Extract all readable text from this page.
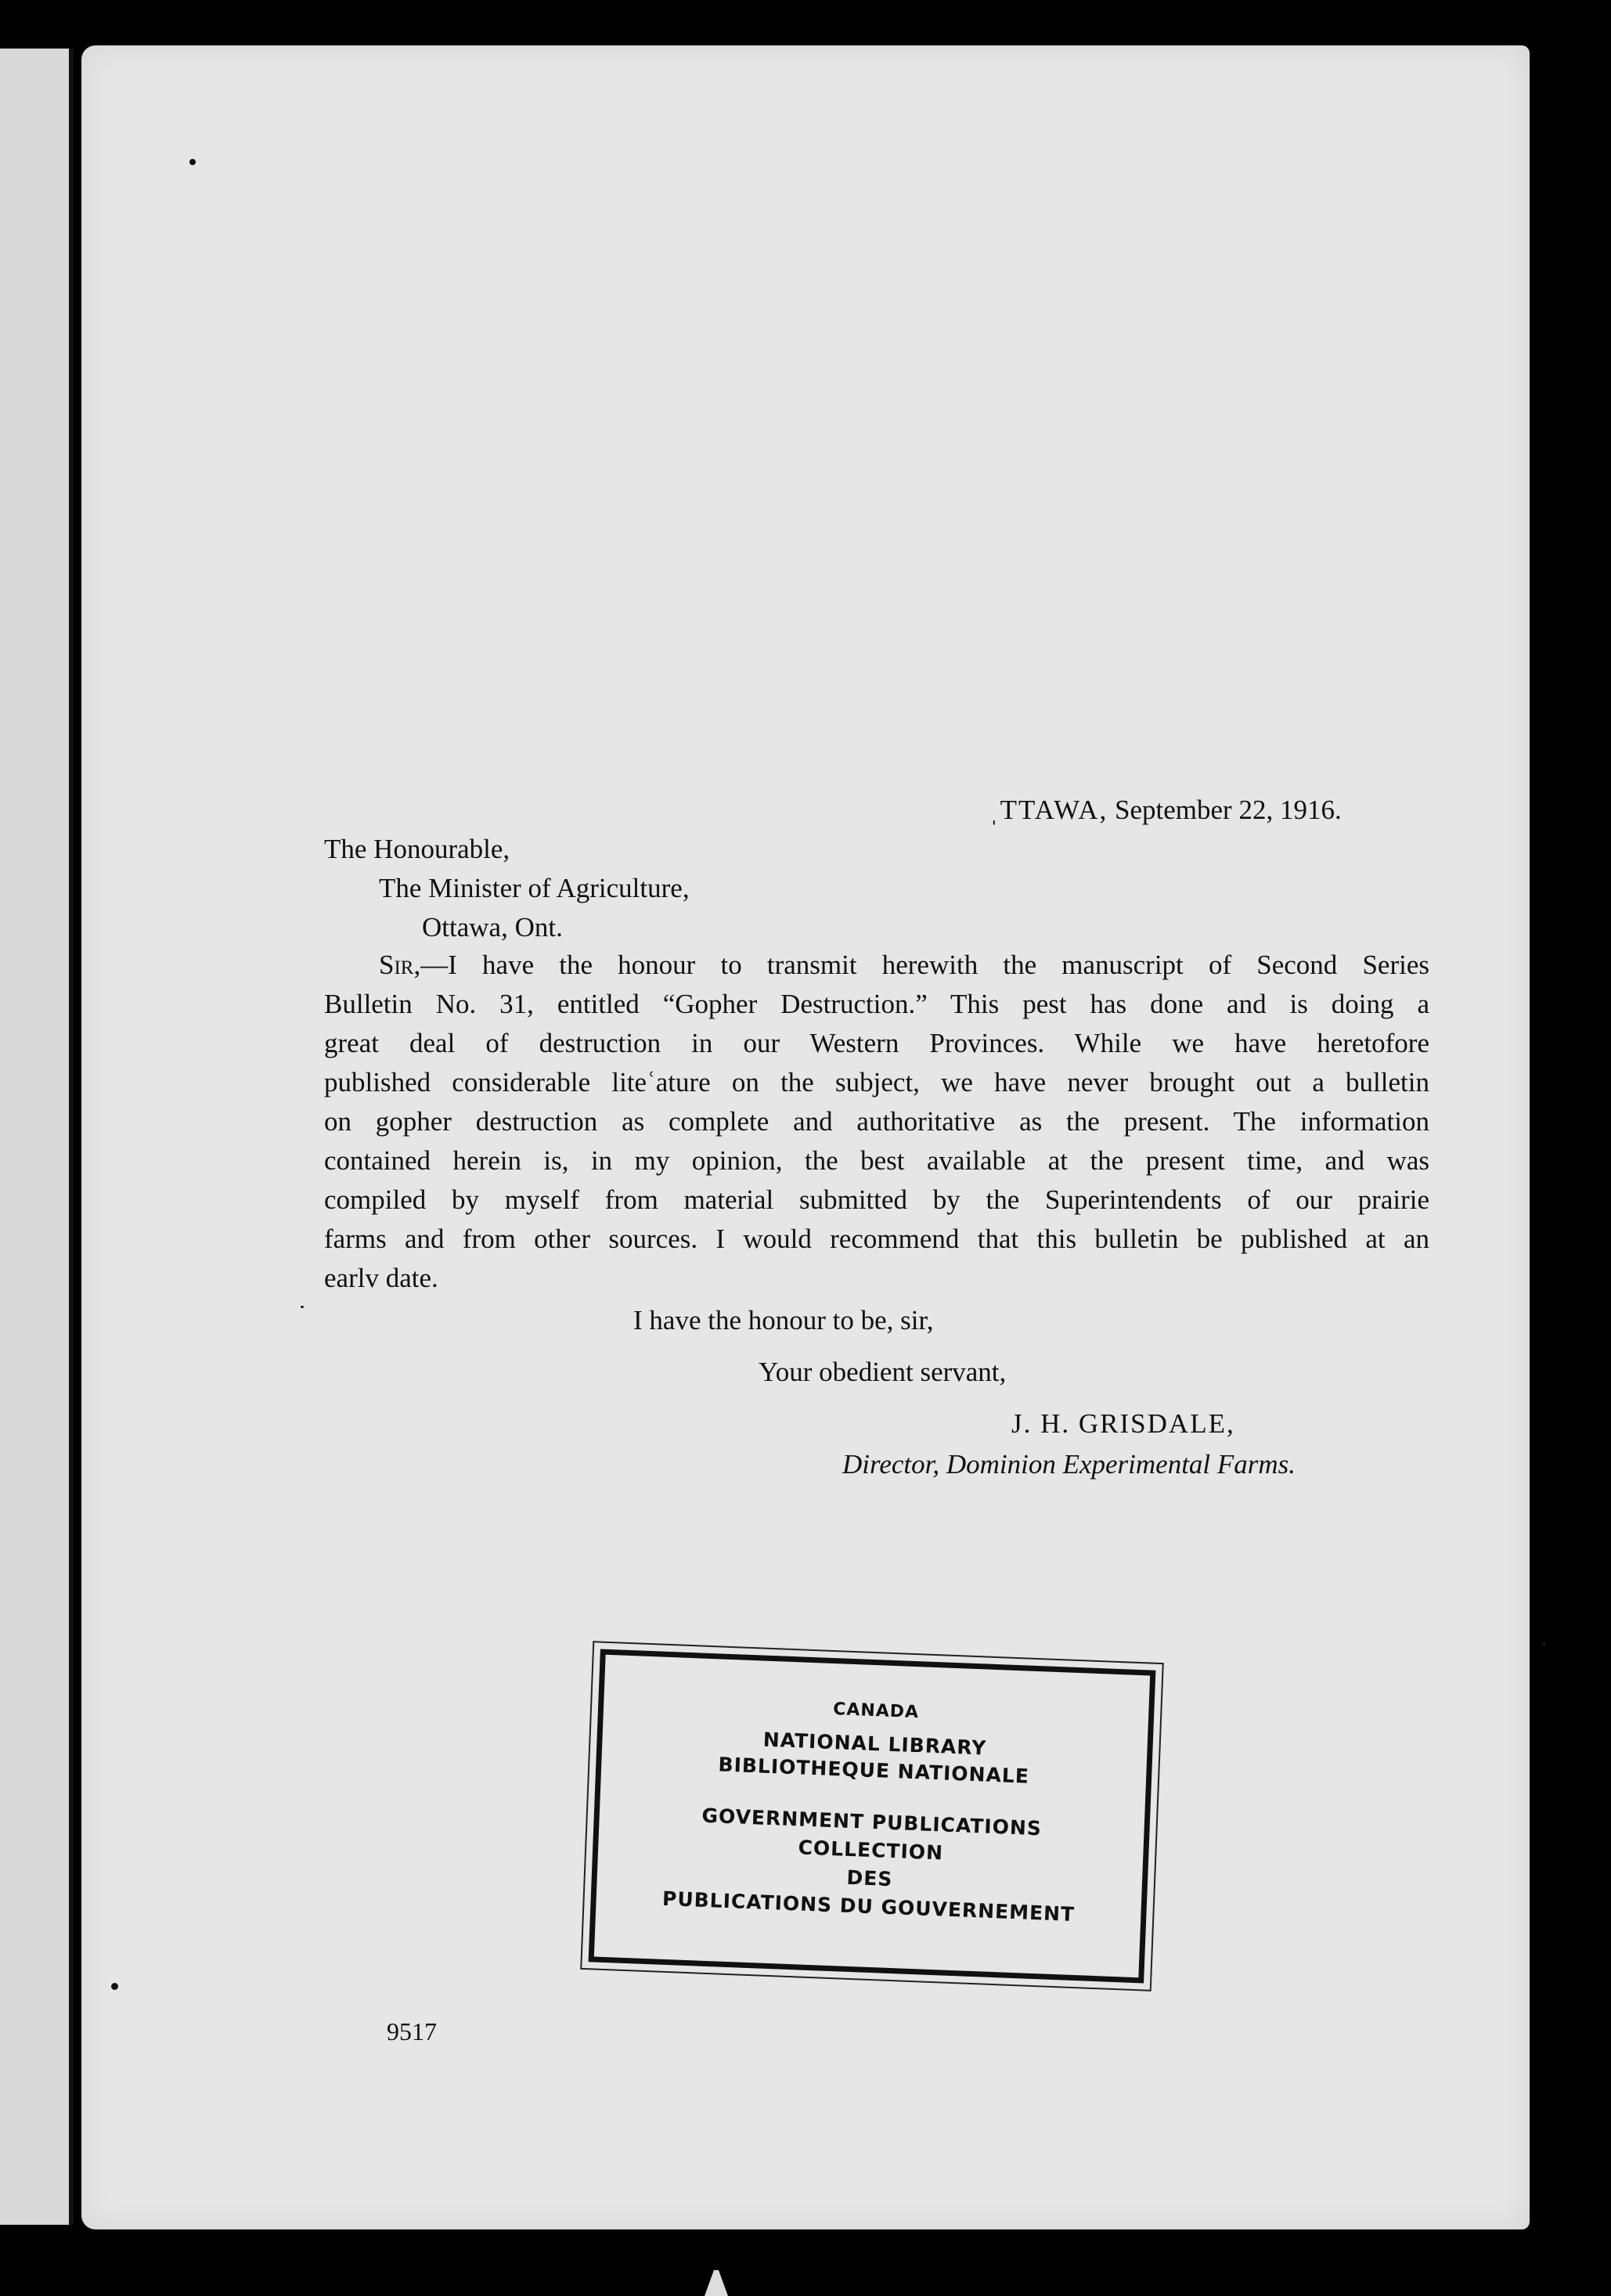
ˌTTAWA, September 22, 1916.
The Honourable,
The Minister of Agriculture,
Ottawa, Ont.
Sir,—I have the honour to transmit herewith the manuscript of Second Series
Bulletin No. 31, entitled “Gopher Destruction.” This pest has done and is doing a
great deal of destruction in our Western Provinces. While we have heretofore
published considerable liteʿature on the subject, we have never brought out a bulletin
on gopher destruction as complete and authoritative as the present. The information
contained herein is, in my opinion, the best available at the present time, and was
compiled by myself from material submitted by the Superintendents of our prairie
farms and from other sources. I would recommend that this bulletin be published at an
earlv date.
I have the honour to be, sir,
Your obedient servant,
J. H. GRISDALE,
Director, Dominion Experimental Farms.
CANADA
NATIONAL LIBRARY
BIBLIOTHEQUE NATIONALE
GOVERNMENT PUBLICATIONS
COLLECTION
DES
PUBLICATIONS DU GOUVERNEMENT
9517
